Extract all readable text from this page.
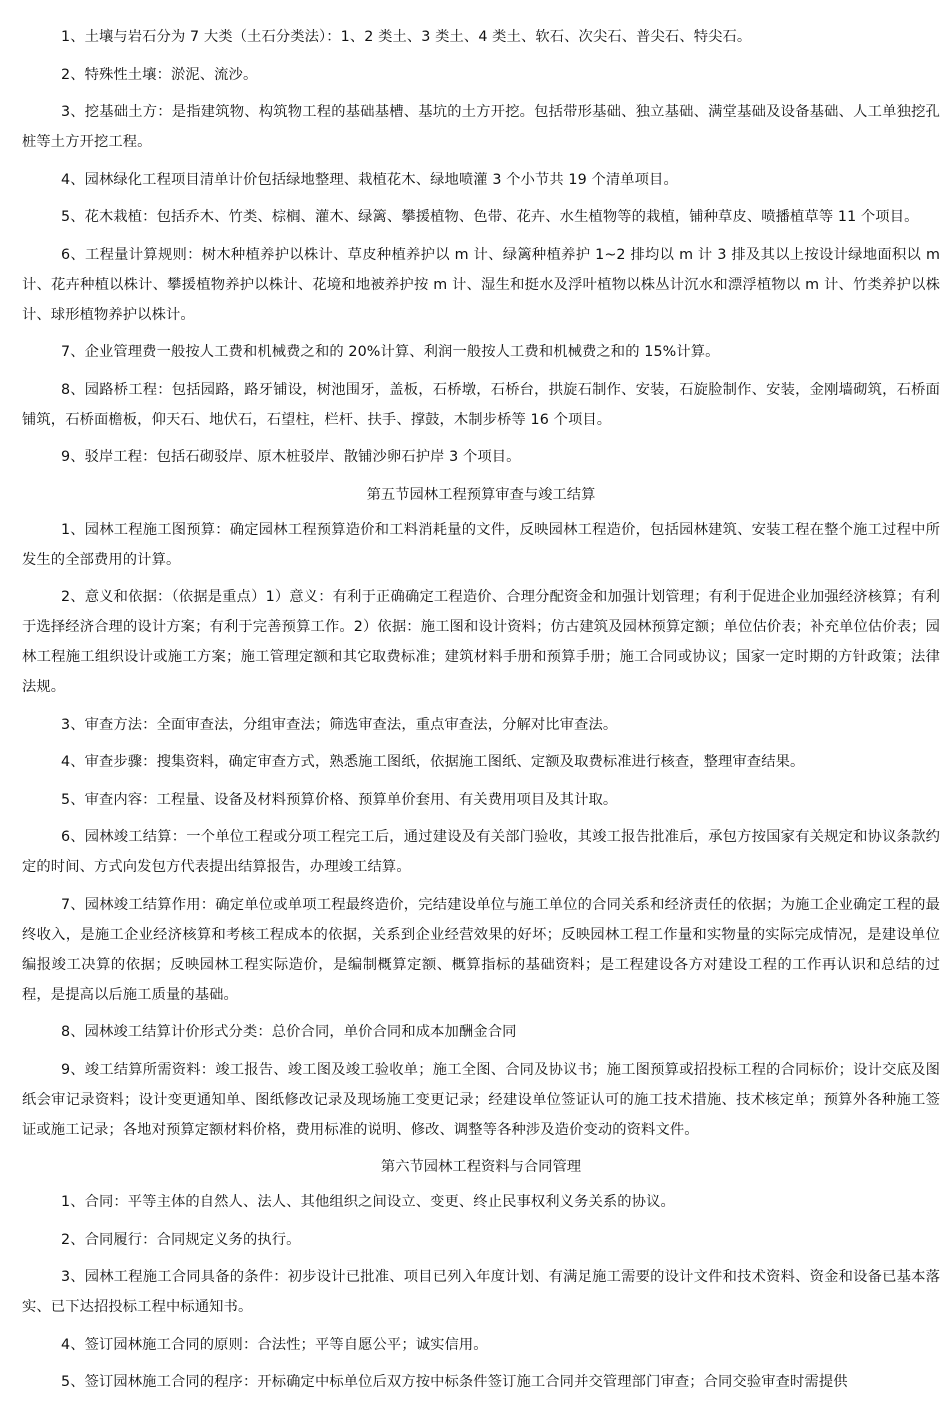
1、土壤与岩石分为 7 大类（土石分类法）：1、2 类土、3 类土、4 类土、软石、次尖石、普尖石、特尖石。

2、特殊性土壤：淤泥、流沙。

3、挖基础土方：是指建筑物、构筑物工程的基础基槽、基坑的土方开挖。包括带形基础、独立基础、满堂基础及设备基础、人工单独挖孔桩等土方开挖工程。

4、园林绿化工程项目清单计价包括绿地整理、栽植花木、绿地喷灌 3 个小节共 19 个清单项目。

5、花木栽植：包括乔木、竹类、棕榈、灌木、绿篱、攀援植物、色带、花卉、水生植物等的栽植，铺种草皮、喷播植草等 11 个项目。

6、工程量计算规则：树木种植养护以株计、草皮种植养护以 m 计、绿篱种植养护 1~2 排均以 m 计 3 排及其以上按设计绿地面积以 m 计、花卉种植以株计、攀援植物养护以株计、花境和地被养护按 m 计、湿生和挺水及浮叶植物以株丛计沉水和漂浮植物以 m 计、竹类养护以株计、球形植物养护以株计。

7、企业管理费一般按人工费和机械费之和的 20%计算、利润一般按人工费和机械费之和的 15%计算。

8、园路桥工程：包括园路，路牙铺设，树池围牙，盖板，石桥墩，石桥台，拱旋石制作、安装，石旋脸制作、安装，金刚墙砌筑，石桥面铺筑，石桥面檐板，仰天石、地伏石，石望柱，栏杆、扶手、撑鼓，木制步桥等 16 个项目。

9、驳岸工程：包括石砌驳岸、原木桩驳岸、散铺沙卵石护岸 3 个项目。

第五节园林工程预算审查与竣工结算

1、园林工程施工图预算：确定园林工程预算造价和工料消耗量的文件，反映园林工程造价，包括园林建筑、安装工程在整个施工过程中所发生的全部费用的计算。

2、意义和依据：（依据是重点）1）意义：有利于正确确定工程造价、合理分配资金和加强计划管理；有利于促进企业加强经济核算；有利于选择经济合理的设计方案；有利于完善预算工作。2）依据：施工图和设计资料；仿古建筑及园林预算定额；单位估价表；补充单位估价表；园林工程施工组织设计或施工方案；施工管理定额和其它取费标准；建筑材料手册和预算手册；施工合同或协议；国家一定时期的方针政策；法律法规。

3、审查方法：全面审查法，分组审查法；筛选审查法，重点审查法，分解对比审查法。

4、审查步骤：搜集资料，确定审查方式，熟悉施工图纸，依据施工图纸、定额及取费标准进行核查，整理审查结果。

5、审查内容：工程量、设备及材料预算价格、预算单价套用、有关费用项目及其计取。

6、园林竣工结算：一个单位工程或分项工程完工后，通过建设及有关部门验收，其竣工报告批准后，承包方按国家有关规定和协议条款约定的时间、方式向发包方代表提出结算报告，办理竣工结算。

7、园林竣工结算作用：确定单位或单项工程最终造价，完结建设单位与施工单位的合同关系和经济责任的依据；为施工企业确定工程的最终收入，是施工企业经济核算和考核工程成本的依据，关系到企业经营效果的好坏；反映园林工程工作量和实物量的实际完成情况，是建设单位编报竣工决算的依据；反映园林工程实际造价，是编制概算定额、概算指标的基础资料；是工程建设各方对建设工程的工作再认识和总结的过程，是提高以后施工质量的基础。

8、园林竣工结算计价形式分类：总价合同，单价合同和成本加酬金合同

9、竣工结算所需资料：竣工报告、竣工图及竣工验收单；施工全图、合同及协议书；施工图预算或招投标工程的合同标价；设计交底及图纸会审记录资料；设计变更通知单、图纸修改记录及现场施工变更记录；经建设单位签证认可的施工技术措施、技术核定单；预算外各种施工签证或施工记录；各地对预算定额材料价格，费用标准的说明、修改、调整等各种涉及造价变动的资料文件。

第六节园林工程资料与合同管理

1、合同：平等主体的自然人、法人、其他组织之间设立、变更、终止民事权利义务关系的协议。

2、合同履行：合同规定义务的执行。

3、园林工程施工合同具备的条件：初步设计已批准、项目已列入年度计划、有满足施工需要的设计文件和技术资料、资金和设备已基本落实、已下达招投标工程中标通知书。

4、签订园林施工合同的原则：合法性；平等自愿公平；诚实信用。

5、签订园林施工合同的程序：开标确定中标单位后双方按中标条件签订施工合同并交管理部门审查；合同交验审查时需提供
